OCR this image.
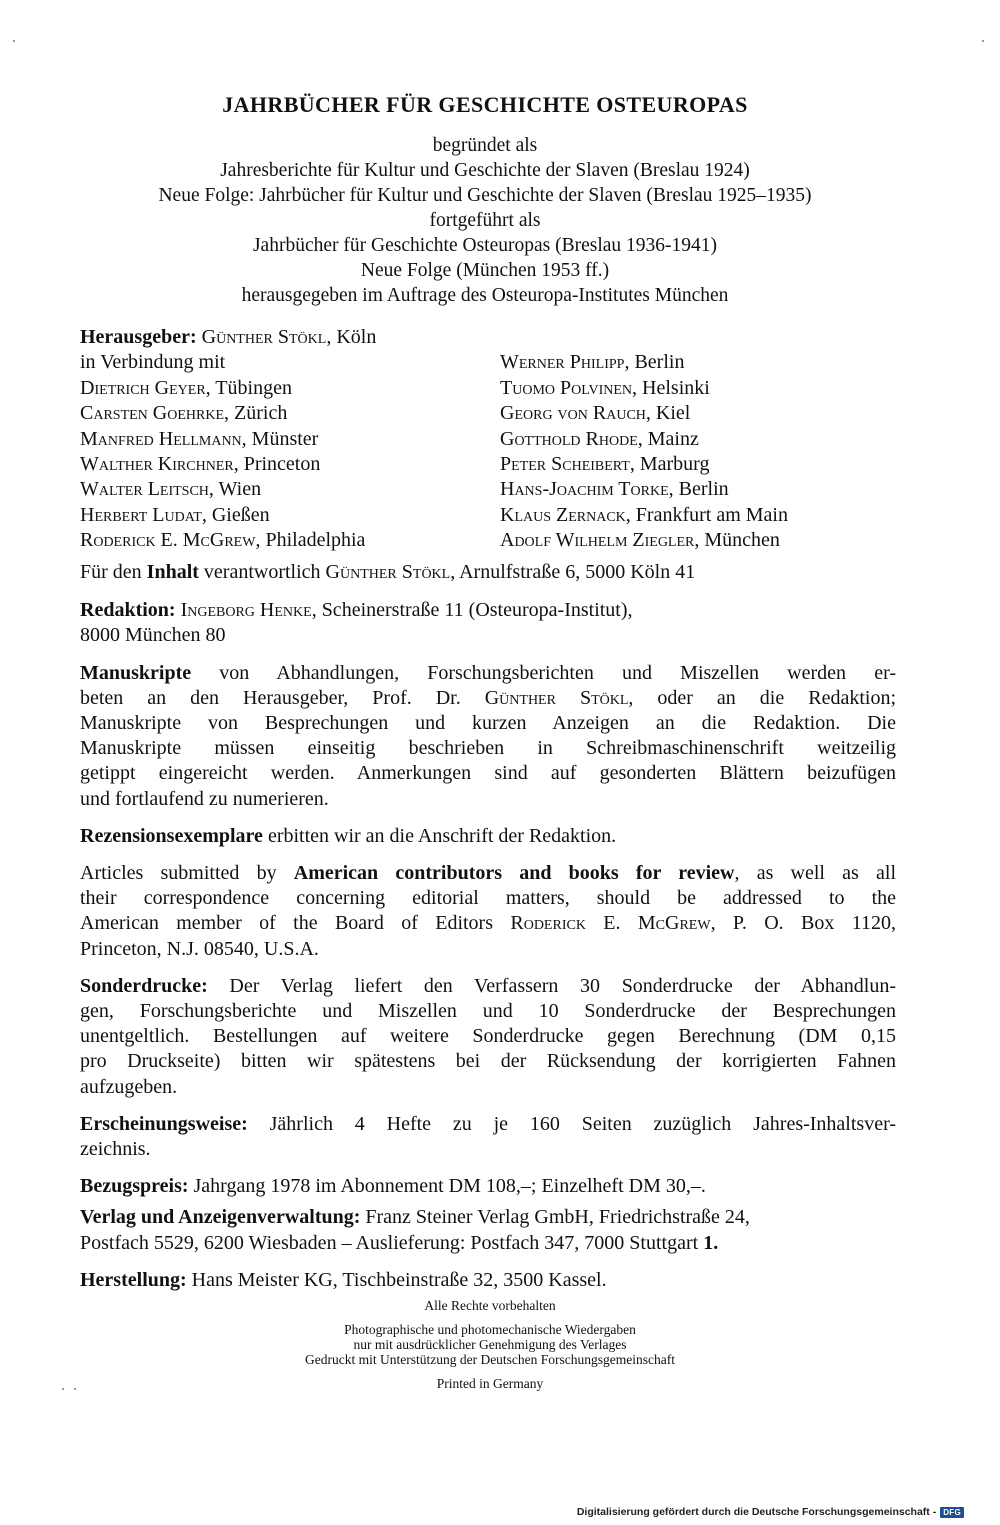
JAHRBÜCHER FÜR GESCHICHTE OSTEUROPAS
begründet als
Jahresberichte für Kultur und Geschichte der Slaven (Breslau 1924)
Neue Folge: Jahrbücher für Kultur und Geschichte der Slaven (Breslau 1925–1935)
fortgeführt als
Jahrbücher für Geschichte Osteuropas (Breslau 1936-1941)
Neue Folge (München 1953 ff.)
herausgegeben im Auftrage des Osteuropa-Institutes München
Herausgeber: Günther Stökl, Köln
in Verbindung mit
Dietrich Geyer, Tübingen
Carsten Goehrke, Zürich
Manfred Hellmann, Münster
Walther Kirchner, Princeton
Walter Leitsch, Wien
Herbert Ludat, Gießen
Roderick E. McGrew, Philadelphia
Werner Philipp, Berlin
Tuomo Polvinen, Helsinki
Georg von Rauch, Kiel
Gotthold Rhode, Mainz
Peter Scheibert, Marburg
Hans-Joachim Torke, Berlin
Klaus Zernack, Frankfurt am Main
Adolf Wilhelm Ziegler, München
Für den Inhalt verantwortlich Günther Stökl, Arnulfstraße 6, 5000 Köln 41
Redaktion: Ingeborg Henke, Scheinerstraße 11 (Osteuropa-Institut),
8000 München 80
Manuskripte von Abhandlungen, Forschungsberichten und Miszellen werden er-
beten an den Herausgeber, Prof. Dr. Günther Stökl, oder an die Redaktion;
Manuskripte von Besprechungen und kurzen Anzeigen an die Redaktion. Die
Manuskripte müssen einseitig beschrieben in Schreibmaschinenschrift weitzeilig
getippt eingereicht werden. Anmerkungen sind auf gesonderten Blättern beizufügen
und fortlaufend zu numerieren.
Rezensionsexemplare erbitten wir an die Anschrift der Redaktion.
Articles submitted by American contributors and books for review, as well as all
their correspondence concerning editorial matters, should be addressed to the
American member of the Board of Editors Roderick E. McGrew, P. O. Box 1120,
Princeton, N.J. 08540, U.S.A.
Sonderdrucke: Der Verlag liefert den Verfassern 30 Sonderdrucke der Abhandlun-
gen, Forschungsberichte und Miszellen und 10 Sonderdrucke der Besprechungen
unentgeltlich. Bestellungen auf weitere Sonderdrucke gegen Berechnung (DM 0,15
pro Druckseite) bitten wir spätestens bei der Rücksendung der korrigierten Fahnen
aufzugeben.
Erscheinungsweise: Jährlich 4 Hefte zu je 160 Seiten zuzüglich Jahres-Inhaltsver-
zeichnis.
Bezugspreis: Jahrgang 1978 im Abonnement DM 108,–; Einzelheft DM 30,–.
Verlag und Anzeigenverwaltung: Franz Steiner Verlag GmbH, Friedrichstraße 24,
Postfach 5529, 6200 Wiesbaden – Auslieferung: Postfach 347, 7000 Stuttgart 1.
Herstellung: Hans Meister KG, Tischbeinstraße 32, 3500 Kassel.
Alle Rechte vorbehalten
Photographische und photomechanische Wiedergaben
nur mit ausdrücklicher Genehmigung des Verlages
Gedruckt mit Unterstützung der Deutschen Forschungsgemeinschaft
Printed in Germany
Digitalisierung gefördert durch die Deutsche Forschungsgemeinschaft - DFG
